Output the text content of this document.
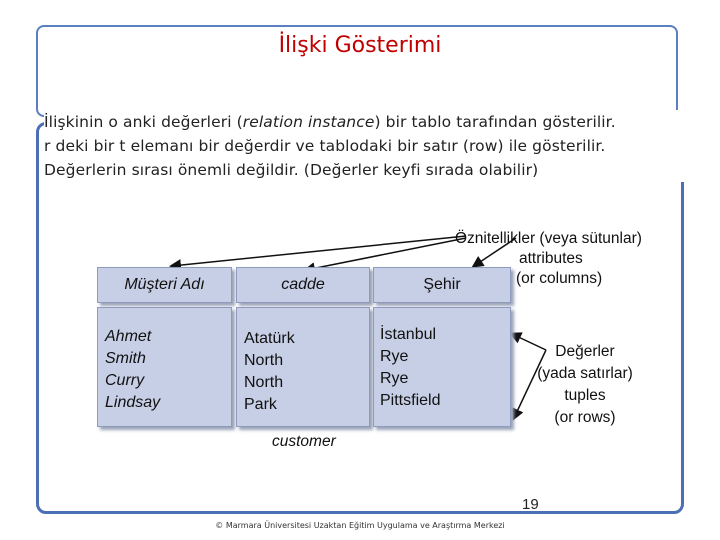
İlişki Gösterimi

İlişkinin o anki değerleri (relation instance) bir tablo tarafından gösterilir.

r deki bir t elemanı bir değerdir ve tablodaki bir satır (row) ile gösterilir.

Değerlerin sırası önemli değildir. (Değerler keyfi sırada olabilir)

Müşteri Adı	cadde	Şehir
Ahmet
Smith
Curry
Lindsay
Atatürk
North
North
Park
İstanbul
Rye
Rye
Pittsfield
customer
Öznitellikler (veya sütunlar)
attributes
(or columns)
Değerler
(yada satırlar)
tuples
(or rows)
19
© Marmara Üniversitesi Uzaktan Eğitim Uygulama ve Araştırma Merkezi
